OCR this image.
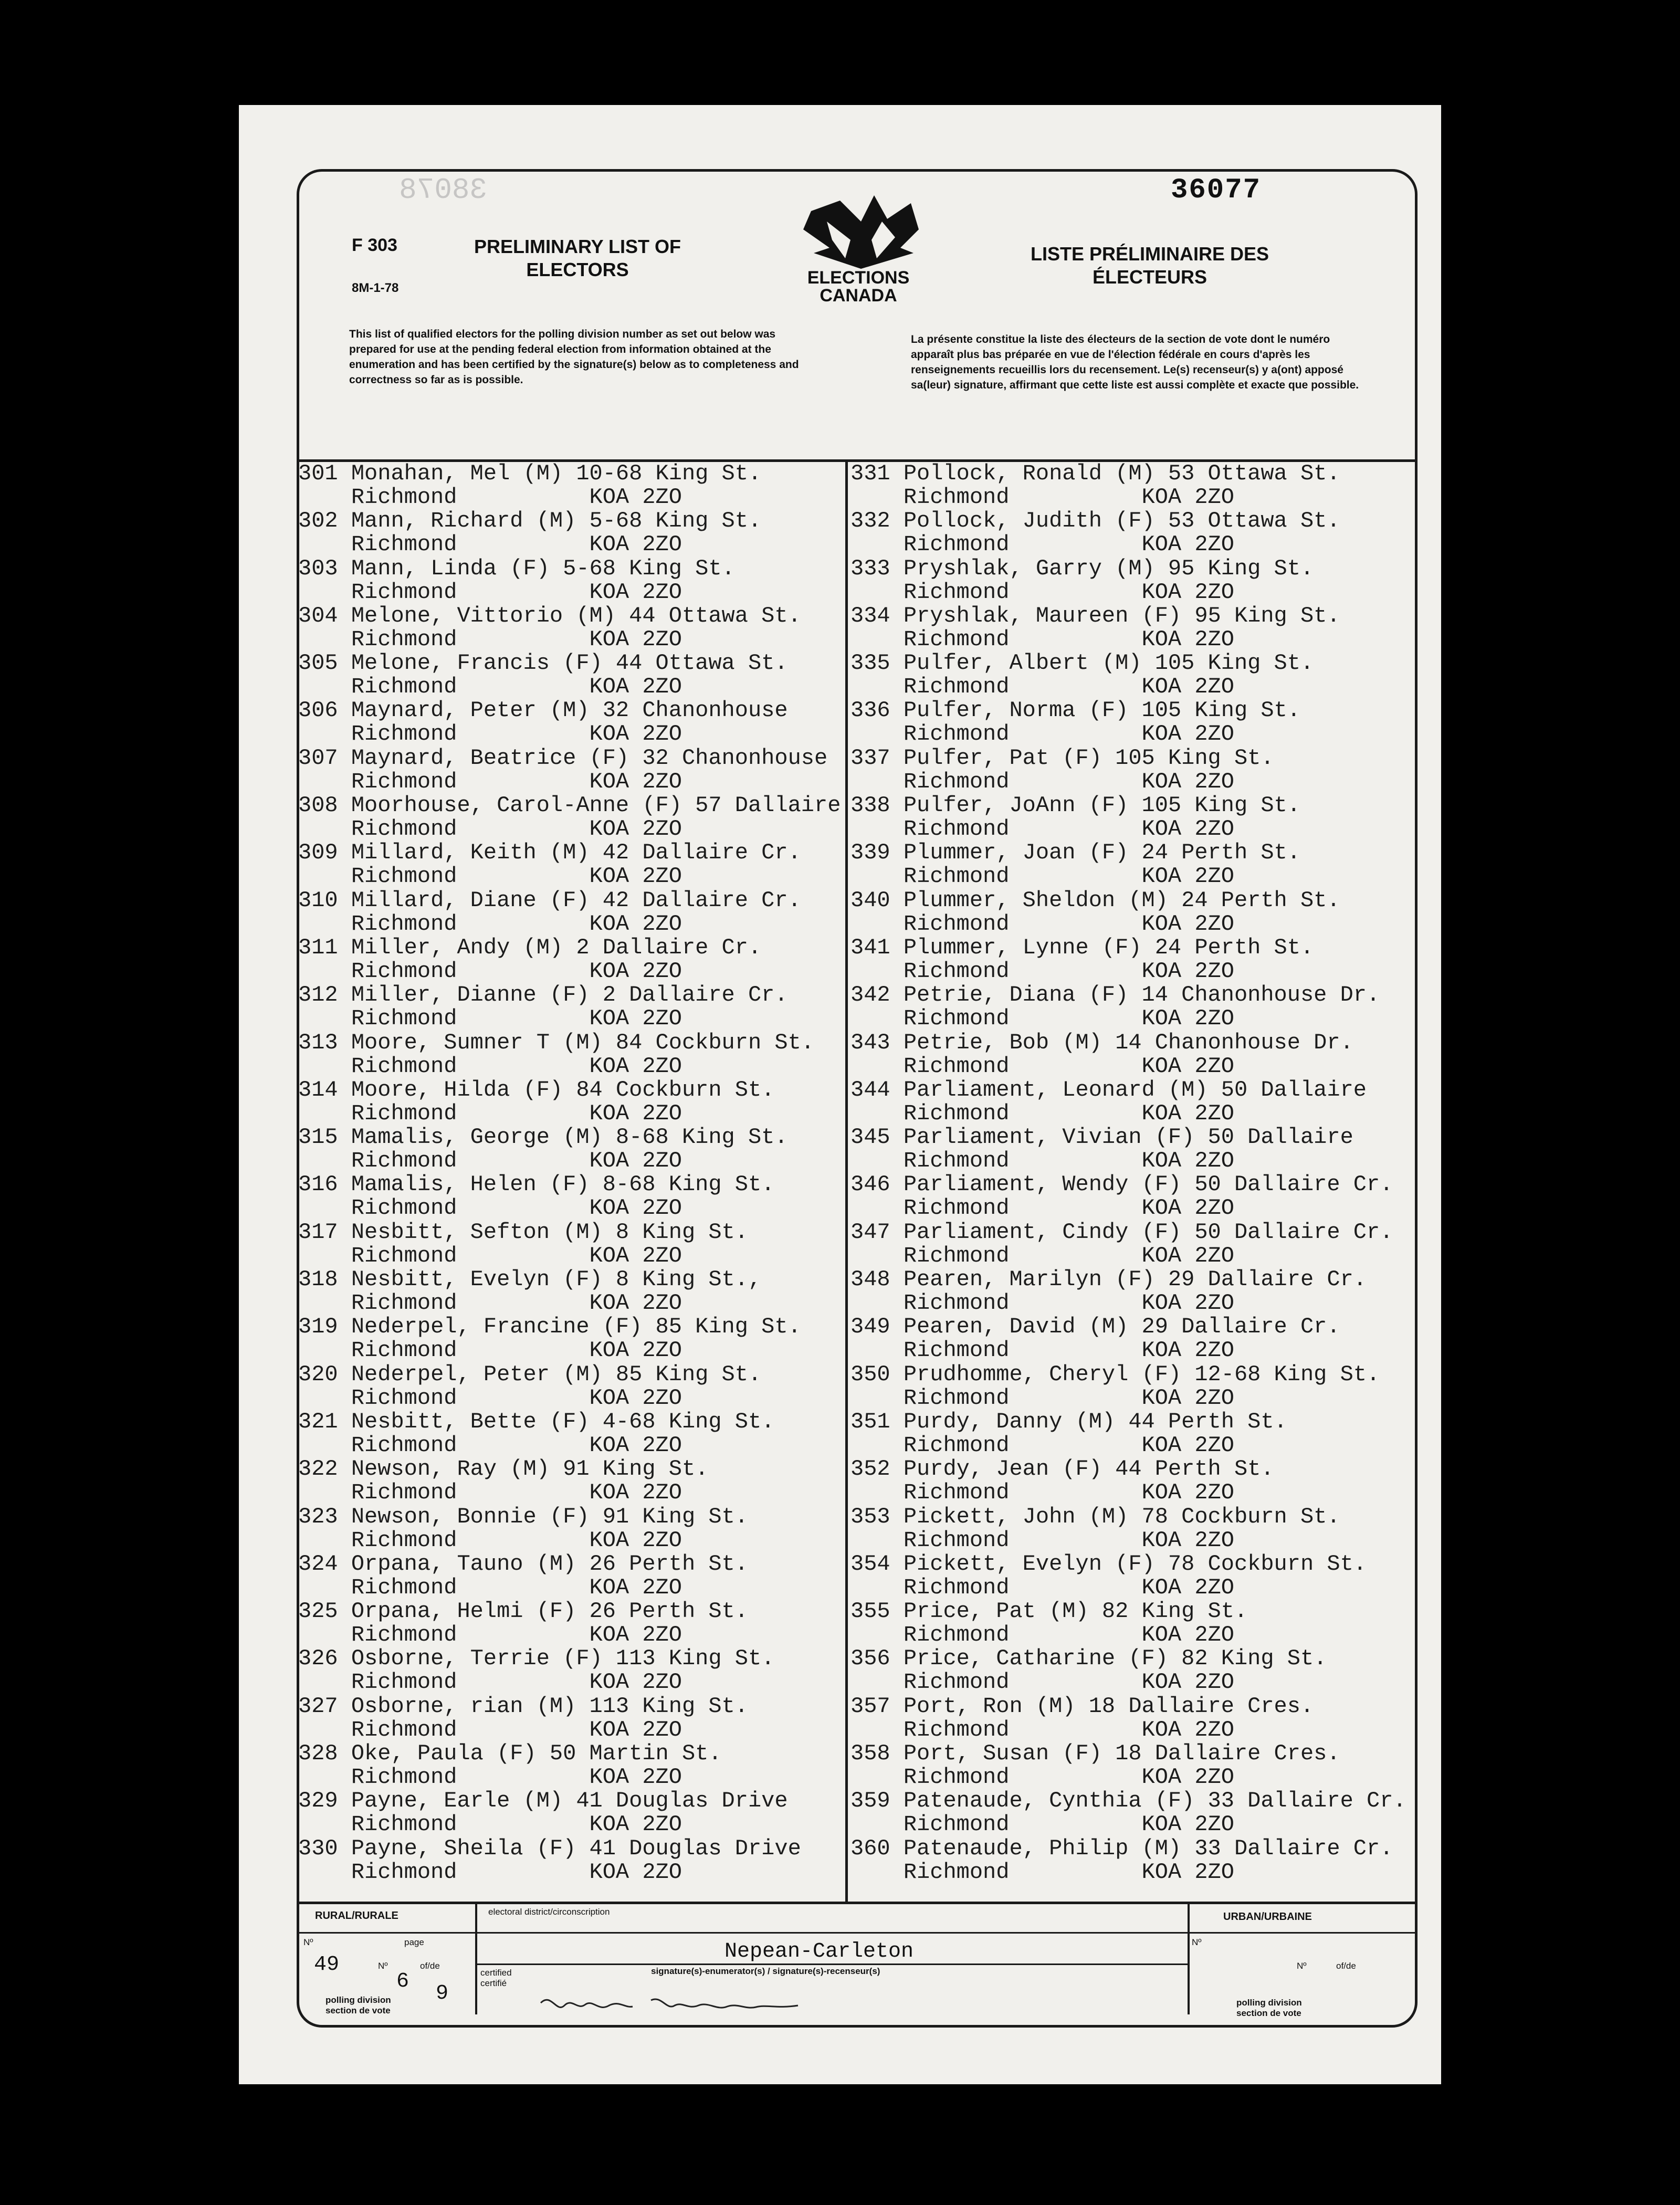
38078	36077
F 303
8M-1-78
PRELIMINARY LIST OF
ELECTORS
LISTE PRÉLIMINAIRE DES
ÉLECTEURS
ELECTIONS
CANADA
This list of qualified electors for the polling division number as set out below was prepared for use at the pending federal election from information obtained at the enumeration and has been certified by the signature(s) below as to completeness and correctness so far as is possible.
La présente constitue la liste des électeurs de la section de vote dont le numéro apparaît plus bas préparée en vue de l'élection fédérale en cours d'après les renseignements recueillis lors du recensement. Le(s) recenseur(s) y a(ont) apposé sa(leur) signature, affirmant que cette liste est aussi complète et exacte que possible.
301 Monahan, Mel (M) 10-68 King St.
Richmond	KOA 2ZO
302 Mann, Richard (M) 5-68 King St.
Richmond	KOA 2ZO
303 Mann, Linda (F) 5-68 King St.
Richmond	KOA 2ZO
304 Melone, Vittorio (M) 44 Ottawa St.
Richmond	KOA 2ZO
305 Melone, Francis (F) 44 Ottawa St.
Richmond	KOA 2ZO
306 Maynard, Peter (M) 32 Chanonhouse
Richmond	KOA 2ZO
307 Maynard, Beatrice (F) 32 Chanonhouse
Richmond	KOA 2ZO
308 Moorhouse, Carol-Anne (F) 57 Dallaire
Richmond	KOA 2ZO
309 Millard, Keith (M) 42 Dallaire Cr.
Richmond	KOA 2ZO
310 Millard, Diane (F) 42 Dallaire Cr.
Richmond	KOA 2ZO
311 Miller, Andy (M) 2 Dallaire Cr.
Richmond	KOA 2ZO
312 Miller, Dianne (F) 2 Dallaire Cr.
Richmond	KOA 2ZO
313 Moore, Sumner T (M) 84 Cockburn St.
Richmond	KOA 2ZO
314 Moore, Hilda (F) 84 Cockburn St.
Richmond	KOA 2ZO
315 Mamalis, George (M) 8-68 King St.
Richmond	KOA 2ZO
316 Mamalis, Helen (F) 8-68 King St.
Richmond	KOA 2ZO
317 Nesbitt, Sefton (M) 8 King St.
Richmond	KOA 2ZO
318 Nesbitt, Evelyn (F) 8 King St.,
Richmond	KOA 2ZO
319 Nederpel, Francine (F) 85 King St.
Richmond	KOA 2ZO
320 Nederpel, Peter (M) 85 King St.
Richmond	KOA 2ZO
321 Nesbitt, Bette (F) 4-68 King St.
Richmond	KOA 2ZO
322 Newson, Ray (M) 91 King St.
Richmond	KOA 2ZO
323 Newson, Bonnie (F) 91 King St.
Richmond	KOA 2ZO
324 Orpana, Tauno (M) 26 Perth St.
Richmond	KOA 2ZO
325 Orpana, Helmi (F) 26 Perth St.
Richmond	KOA 2ZO
326 Osborne, Terrie (F) 113 King St.
Richmond	KOA 2ZO
327 Osborne, rian (M) 113 King St.
Richmond	KOA 2ZO
328 Oke, Paula (F) 50 Martin St.
Richmond	KOA 2ZO
329 Payne, Earle (M) 41 Douglas Drive
Richmond	KOA 2ZO
330 Payne, Sheila (F) 41 Douglas Drive
Richmond	KOA 2ZO
331 Pollock, Ronald (M) 53 Ottawa St.
Richmond	KOA 2ZO
332 Pollock, Judith (F) 53 Ottawa St.
Richmond	KOA 2ZO
333 Pryshlak, Garry (M) 95 King St.
Richmond	KOA 2ZO
334 Pryshlak, Maureen (F) 95 King St.
Richmond	KOA 2ZO
335 Pulfer, Albert (M) 105 King St.
Richmond	KOA 2ZO
336 Pulfer, Norma (F) 105 King St.
Richmond	KOA 2ZO
337 Pulfer, Pat (F) 105 King St.
Richmond	KOA 2ZO
338 Pulfer, JoAnn (F) 105 King St.
Richmond	KOA 2ZO
339 Plummer, Joan (F) 24 Perth St.
Richmond	KOA 2ZO
340 Plummer, Sheldon (M) 24 Perth St.
Richmond	KOA 2ZO
341 Plummer, Lynne (F) 24 Perth St.
Richmond	KOA 2ZO
342 Petrie, Diana (F) 14 Chanonhouse Dr.
Richmond	KOA 2ZO
343 Petrie, Bob (M) 14 Chanonhouse Dr.
Richmond	KOA 2ZO
344 Parliament, Leonard (M) 50 Dallaire
Richmond	KOA 2ZO
345 Parliament, Vivian (F) 50 Dallaire
Richmond	KOA 2ZO
346 Parliament, Wendy (F) 50 Dallaire Cr.
Richmond	KOA 2ZO
347 Parliament, Cindy (F) 50 Dallaire Cr.
Richmond	KOA 2ZO
348 Pearen, Marilyn (F) 29 Dallaire Cr.
Richmond	KOA 2ZO
349 Pearen, David (M) 29 Dallaire Cr.
Richmond	KOA 2ZO
350 Prudhomme, Cheryl (F) 12-68 King St.
Richmond	KOA 2ZO
351 Purdy, Danny (M) 44 Perth St.
Richmond	KOA 2ZO
352 Purdy, Jean (F) 44 Perth St.
Richmond	KOA 2ZO
353 Pickett, John (M) 78 Cockburn St.
Richmond	KOA 2ZO
354 Pickett, Evelyn (F) 78 Cockburn St.
Richmond	KOA 2ZO
355 Price, Pat (M) 82 King St.
Richmond	KOA 2ZO
356 Price, Catharine (F) 82 King St.
Richmond	KOA 2ZO
357 Port, Ron (M) 18 Dallaire Cres.
Richmond	KOA 2ZO
358 Port, Susan (F) 18 Dallaire Cres.
Richmond	KOA 2ZO
359 Patenaude, Cynthia (F) 33 Dallaire Cr.
Richmond	KOA 2ZO
360 Patenaude, Philip (M) 33 Dallaire Cr.
Richmond	KOA 2ZO
RURAL/RURALE	URBAN/URBAINE
electoral district/circonscription
Nº	page
Nº	of/de
49
6
9
polling division
section de vote
Nepean-Carleton
signature(s)-enumerator(s) / signature(s)-recenseur(s)
certified
certifié
Nº
Nº	of/de
polling division
section de vote
